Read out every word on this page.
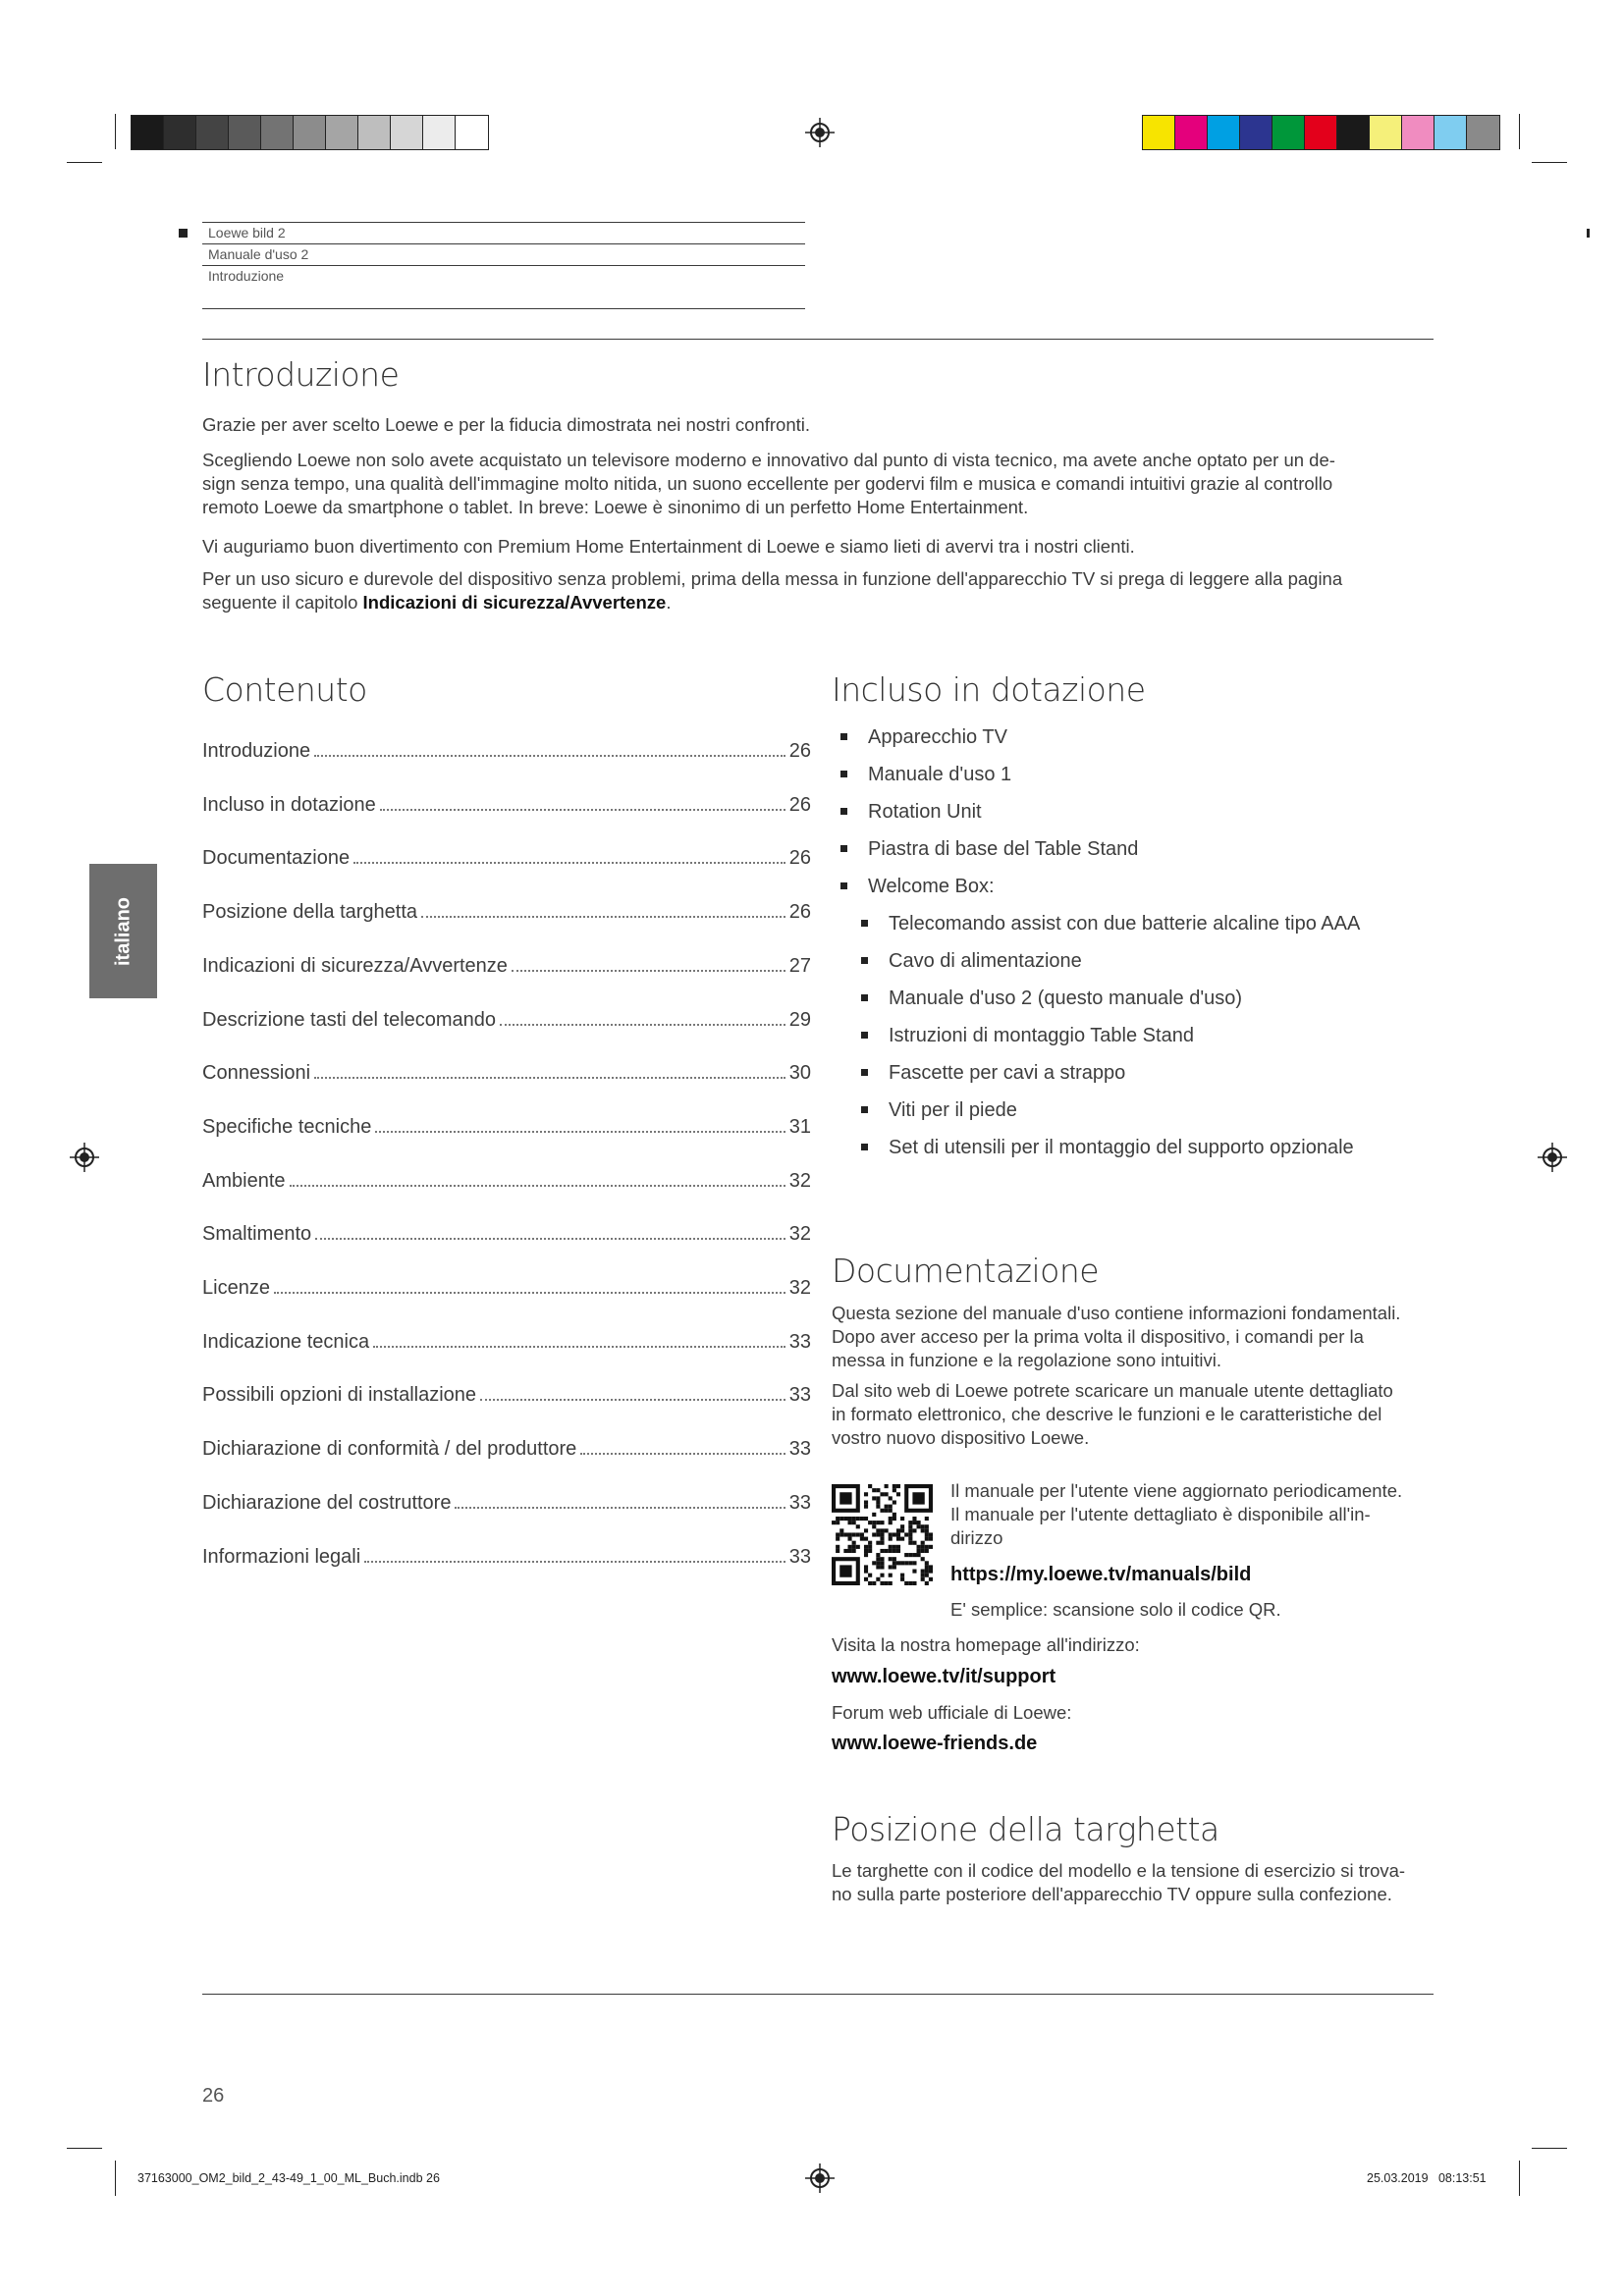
Loewe bild 2
Manuale d'uso 2
Introduzione
Introduzione
Grazie per aver scelto Loewe e per la fiducia dimostrata nei nostri confronti.
Scegliendo Loewe non solo avete acquistato un televisore moderno e innovativo dal punto di vista tecnico, ma avete anche optato per un de-
sign senza tempo, una qualità dell'immagine molto nitida, un suono eccellente per godervi film e musica e comandi intuitivi grazie al controllo
remoto Loewe da smartphone o tablet. In breve: Loewe è sinonimo di un perfetto Home Entertainment.
Vi auguriamo buon divertimento con Premium Home Entertainment di Loewe e siamo lieti di avervi tra i nostri clienti.
Per un uso sicuro e durevole del dispositivo senza problemi, prima della messa in funzione dell'apparecchio TV si prega di leggere alla pagina
seguente il capitolo Indicazioni di sicurezza/Avvertenze.
italiano
Contenuto
Introduzione	26
Incluso in dotazione	26
Documentazione	26
Posizione della targhetta	26
Indicazioni di sicurezza/Avvertenze	27
Descrizione tasti del telecomando	29
Connessioni	30
Specifiche tecniche	31
Ambiente	32
Smaltimento	32
Licenze	32
Indicazione tecnica	33
Possibili opzioni di installazione	33
Dichiarazione di conformità / del produttore	33
Dichiarazione del costruttore	33
Informazioni legali	33
Incluso in dotazione
Apparecchio TV
Manuale d'uso 1
Rotation Unit
Piastra di base del Table Stand
Welcome Box:
Telecomando assist con due batterie alcaline tipo AAA
Cavo di alimentazione
Manuale d'uso 2 (questo manuale d'uso)
Istruzioni di montaggio Table Stand
Fascette per cavi a strappo
Viti per il piede
Set di utensili per il montaggio del supporto opzionale
Documentazione
Questa sezione del manuale d'uso contiene informazioni fondamentali.
Dopo aver acceso per la prima volta il dispositivo, i comandi per la
messa in funzione e la regolazione sono intuitivi.
Dal sito web di Loewe potrete scaricare un manuale utente dettagliato
in formato elettronico, che descrive le funzioni e le caratteristiche del
vostro nuovo dispositivo Loewe.
Il manuale per l'utente viene aggiornato periodicamente.
Il manuale per l'utente dettagliato è disponibile all'in-
dirizzo
https://my.loewe.tv/manuals/bild
E' semplice: scansione solo il codice QR.
Visita la nostra homepage all'indirizzo:
www.loewe.tv/it/support
Forum web ufficiale di Loewe:
www.loewe-friends.de
Posizione della targhetta
Le targhette con il codice del modello e la tensione di esercizio si trova-
no sulla parte posteriore dell'apparecchio TV oppure sulla confezione.
26
37163000_OM2_bild_2_43-49_1_00_ML_Buch.indb 26	25.03.2019   08:13:51
